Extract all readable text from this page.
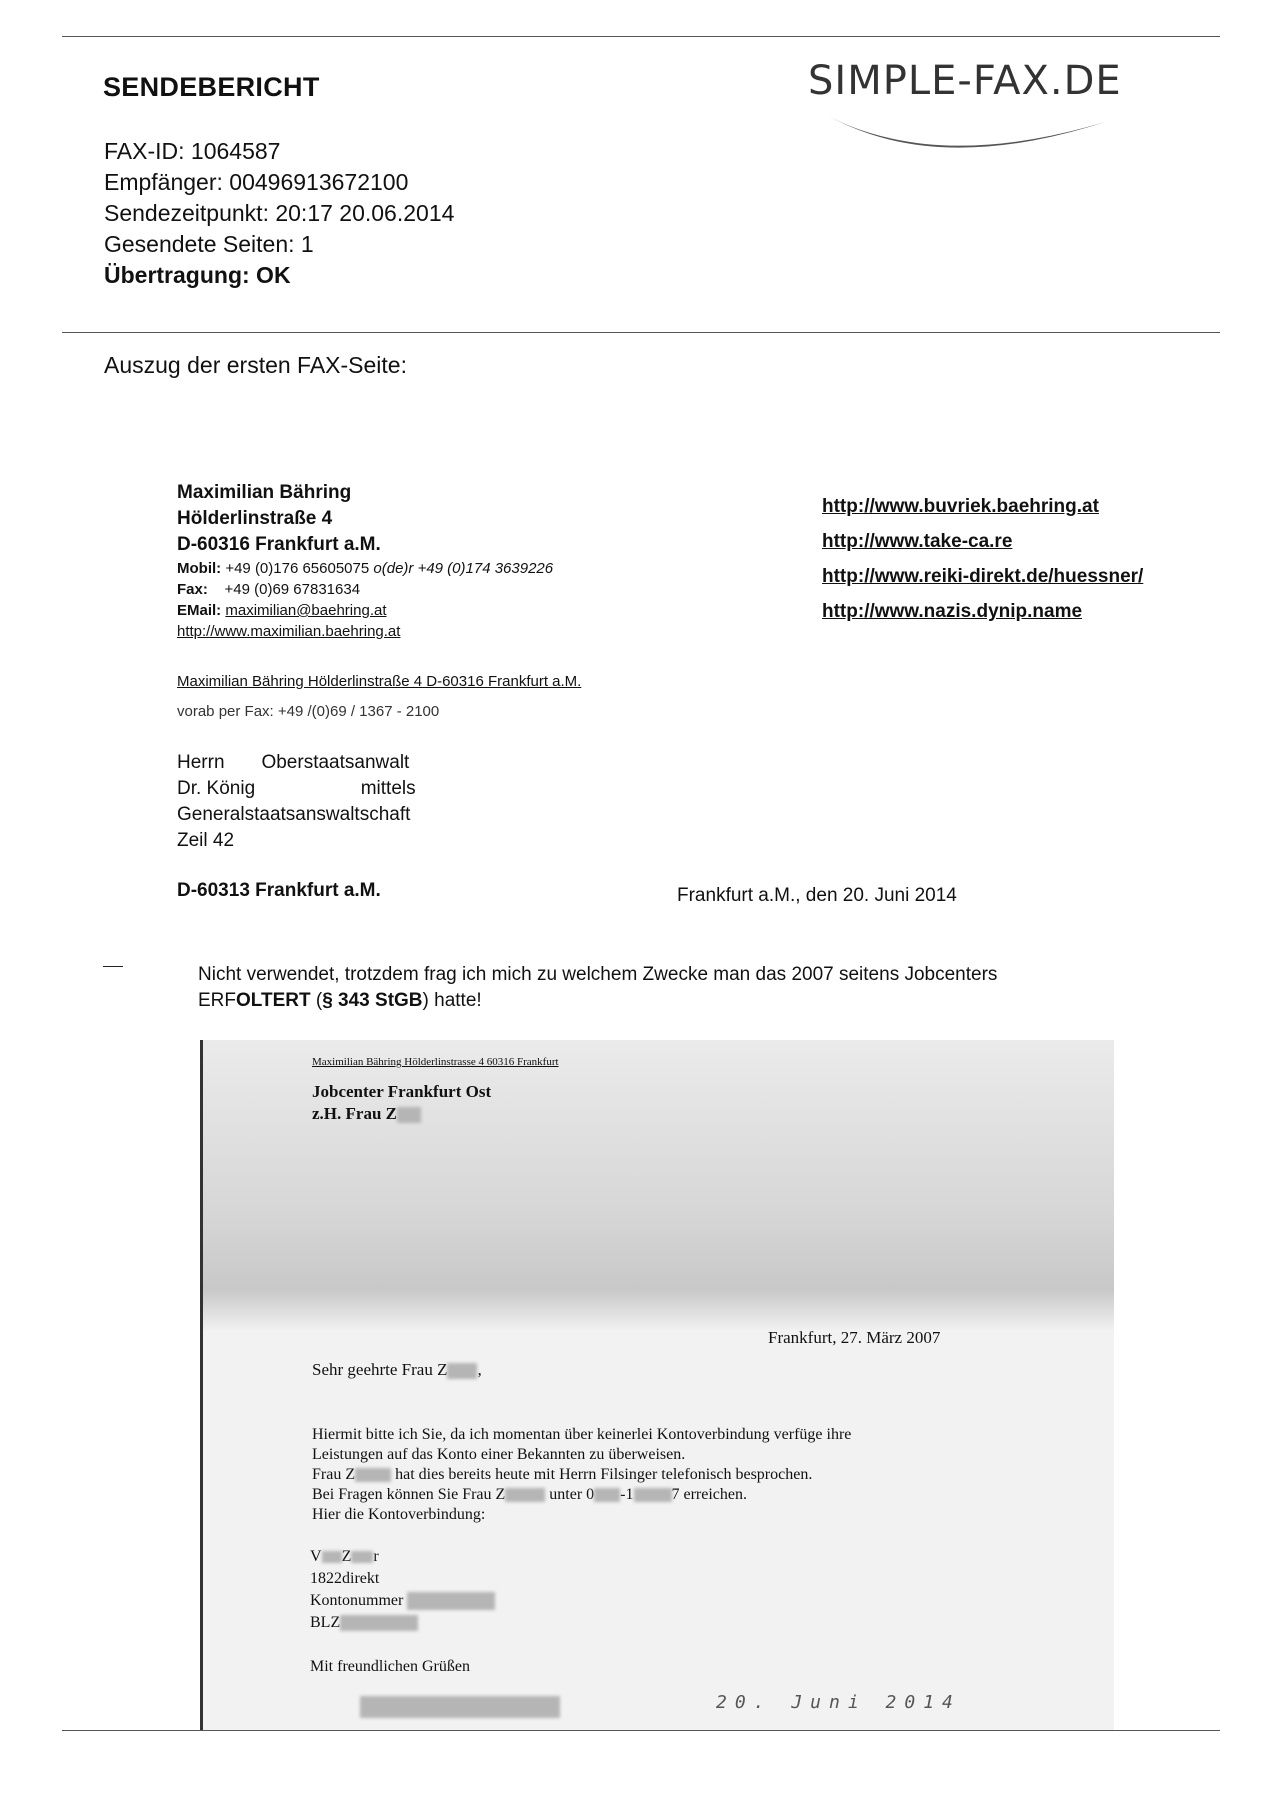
SENDEBERICHT	SIMPLE-FAX.DE
FAX-ID: 1064587
Empfänger: 00496913672100
Sendezeitpunkt: 20:17 20.06.2014
Gesendete Seiten: 1
Übertragung: OK
Auszug der ersten FAX-Seite:
Maximilian Bähring
Hölderlinstraße 4
D-60316 Frankfurt a.M.
Mobil: +49 (0)176 65605075 o(de)r +49 (0)174 3639226
Fax: +49 (0)69 67831634
EMail: maximilian@baehring.at
http://www.maximilian.baehring.at
http://www.buvriek.baehring.at
http://www.take-ca.re
http://www.reiki-direkt.de/huessner/
http://www.nazis.dynip.name
Maximilian Bähring Hölderlinstraße 4 D-60316 Frankfurt a.M.
vorab per Fax: +49 /(0)69 / 1367 - 2100
Herrn       Oberstaatsanwalt
Dr. König                    mittels
Generalstaatsanswaltschaft
Zeil 42
D-60313 Frankfurt a.M.	Frankfurt a.M., den 20. Juni 2014
Nicht verwendet, trotzdem frag ich mich zu welchem Zwecke man das 2007 seitens Jobcenters ERFOLTERT (§ 343 StGB) hatte!
Maximilian Bähring Hölderlinstrasse 4 60316 Frankfurt
Jobcenter Frankfurt Ost
z.H. Frau Z
Frankfurt, 27. März 2007
Sehr geehrte Frau Z ,
Hiermit bitte ich Sie, da ich momentan über keinerlei Kontoverbindung verfüge ihre
Leistungen auf das Konto einer Bekannten zu überweisen.
Frau Z	hat dies bereits heute mit Herrn Filsinger telefonisch besprochen.
Bei Fragen können Sie Frau Z	unter 0 -1 7 erreichen.
Hier die Kontoverbindung:
V Z r
1822direkt
Kontonummer
BLZ
Mit freundlichen Grüßen
20. Juni 2014
